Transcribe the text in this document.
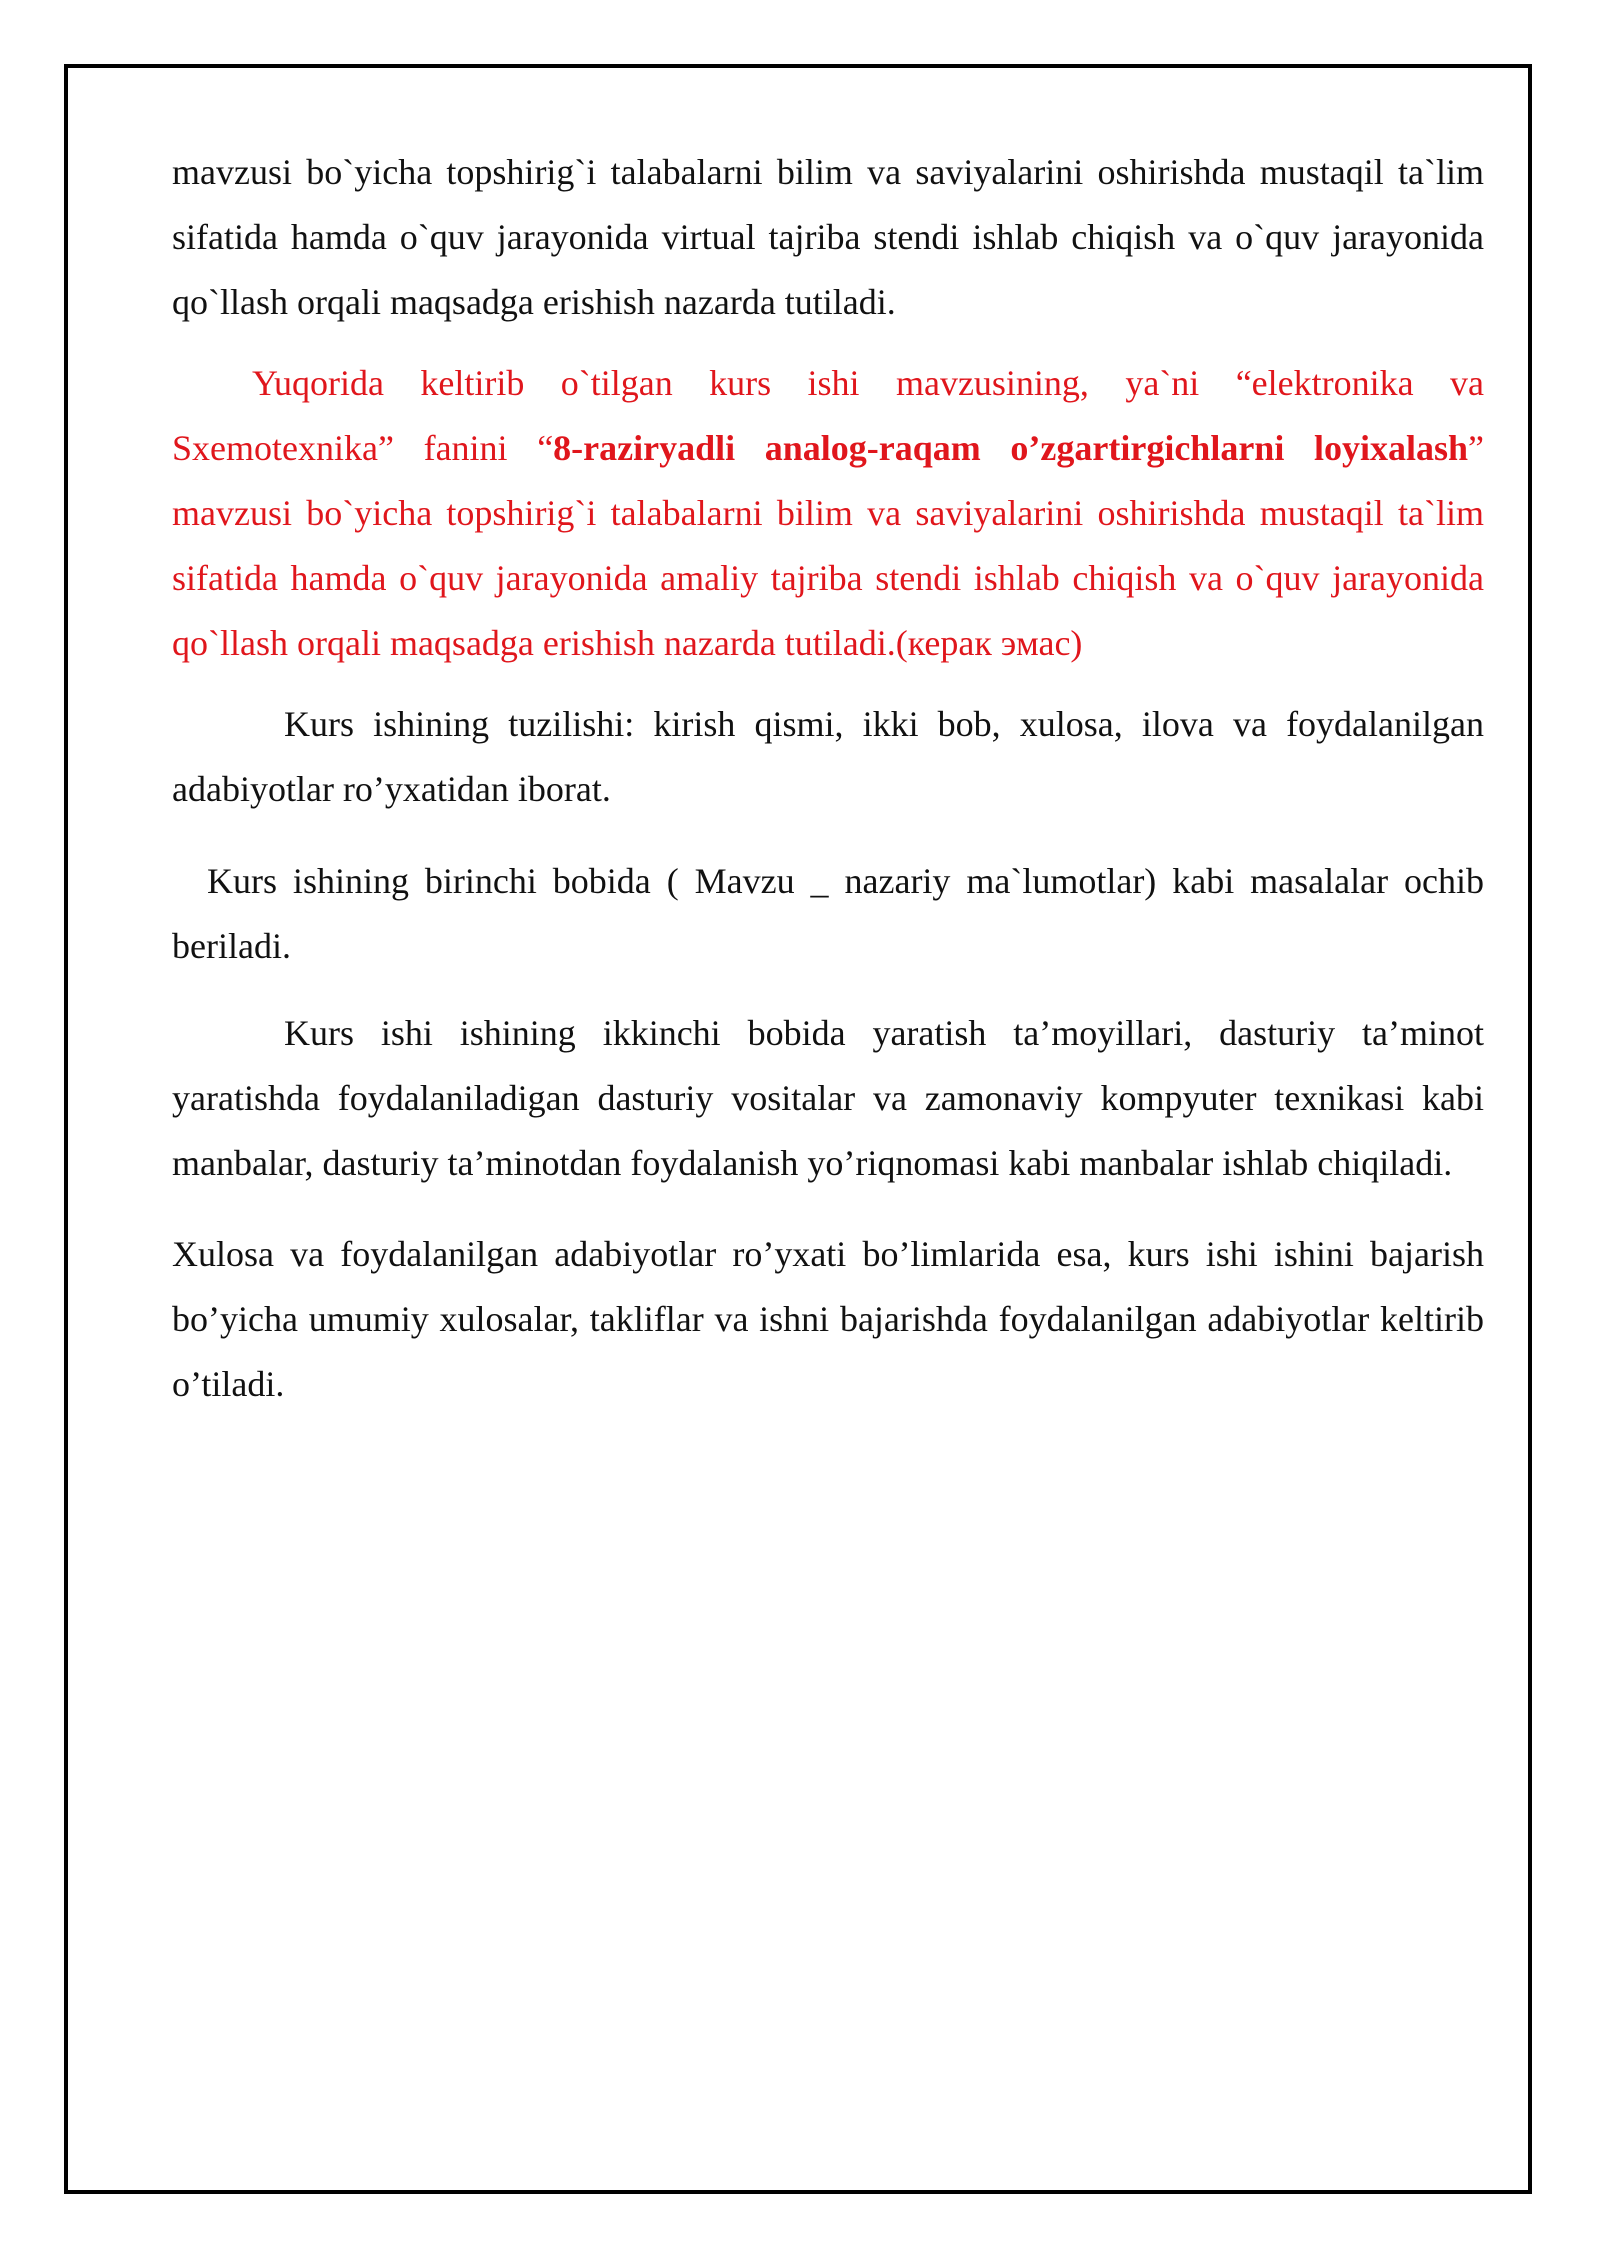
mavzusi bo`yicha topshirig`i talabalarni bilim va saviyalarini oshirishda mustaqil ta`lim sifatida hamda o`quv jarayonida virtual tajriba stendi ishlab chiqish va o`quv jarayonida qo`llash orqali maqsadga erishish nazarda tutiladi.

Yuqorida keltirib o`tilgan kurs ishi mavzusining, ya`ni “elektronika va Sxemotexnika” fanini “8-raziryadli analog-raqam o’zgartirgichlarni loyixalash” mavzusi bo`yicha topshirig`i talabalarni bilim va saviyalarini oshirishda mustaqil ta`lim sifatida hamda o`quv jarayonida amaliy tajriba stendi ishlab chiqish va o`quv jarayonida qo`llash orqali maqsadga erishish nazarda tutiladi.(керак эмас)

Kurs ishining tuzilishi: kirish qismi, ikki bob, xulosa, ilova va foydalanilgan adabiyotlar ro’yxatidan iborat.

Kurs ishining birinchi bobida ( Mavzu _ nazariy ma`lumotlar) kabi masalalar ochib beriladi.

Kurs ishi ishining ikkinchi bobida yaratish ta’moyillari, dasturiy ta’minot yaratishda foydalaniladigan dasturiy vositalar va zamonaviy kompyuter texnikasi kabi manbalar, dasturiy ta’minotdan foydalanish yo’riqnomasi kabi manbalar ishlab chiqiladi.

Xulosa va foydalanilgan adabiyotlar ro’yxati bo’limlarida esa, kurs ishi ishini bajarish bo’yicha umumiy xulosalar, takliflar va ishni bajarishda foydalanilgan adabiyotlar keltirib o’tiladi.
